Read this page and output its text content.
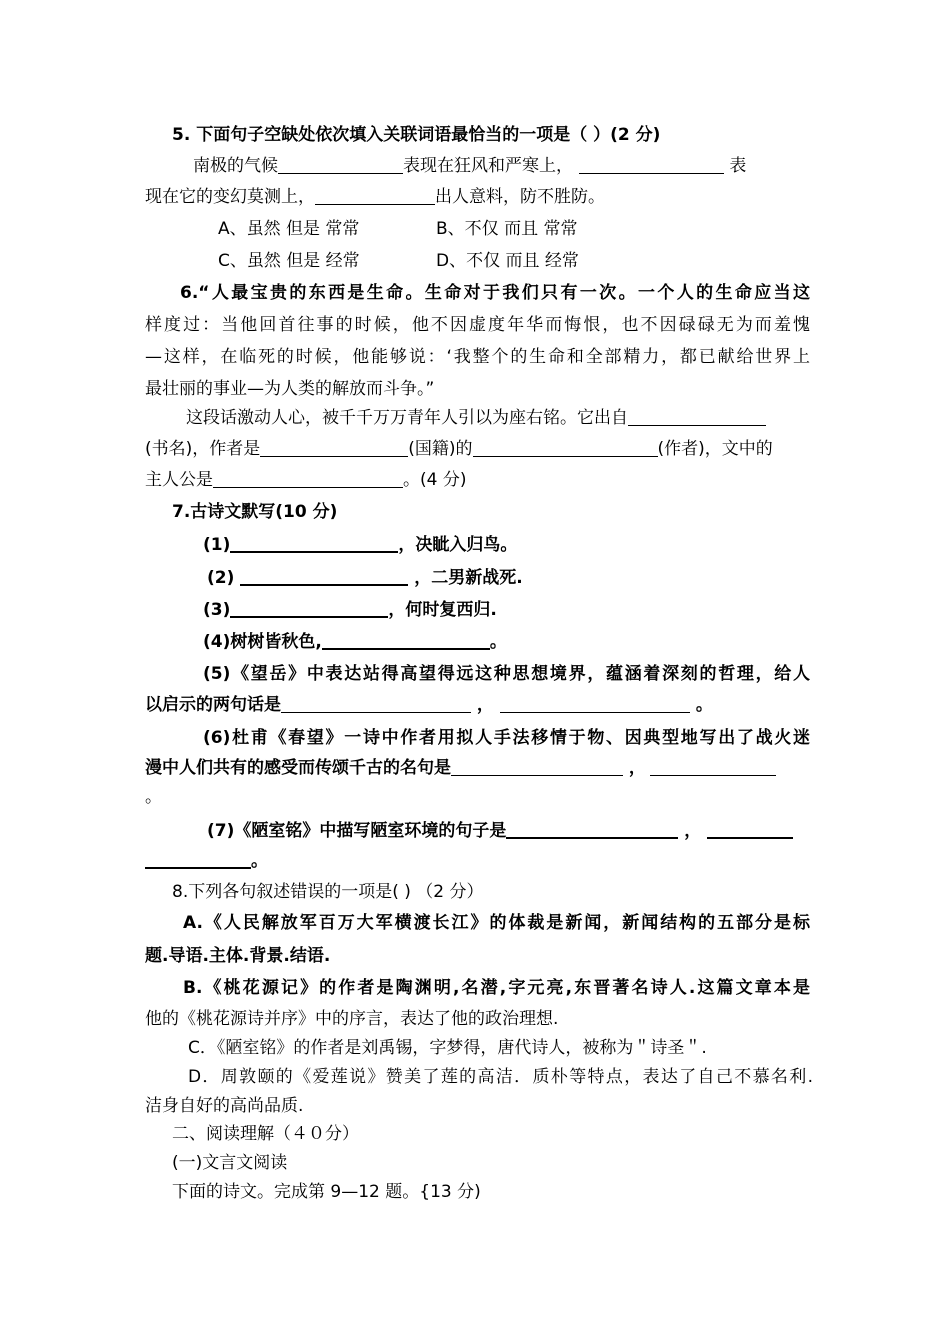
5. 下面句子空缺处依次填入关联词语最恰当的一项是（ ）(2 分)
南极的气候	表现在狂风和严寒上，	表
现在它的变幻莫测上，	出人意料，防不胜防。
A、虽然 但是 常常	B、不仅 而且 常常
C、虽然 但是 经常	D、不仅 而且 经常
6.“人最宝贵的东西是生命。生命对于我们只有一次。一个人的生命应当这
样度过：当他回首往事的时候，他不因虚度年华而悔恨，也不因碌碌无为而羞愧
—这样，在临死的时候，他能够说：‘我整个的生命和全部精力，都已献给世界上
最壮丽的事业—为人类的解放而斗争。”
这段话激动人心，被千千万万青年人引以为座右铭。它出自
(书名)，作者是	(国籍)的	(作者)，文中的
主人公是	。(4 分)
7.古诗文默写(10 分)
(1)	，决眦入归鸟。
(2)	，二男新战死.
(3)	，何时复西归.
(4)树树皆秋色,	。
(5)《望岳》中表达站得高望得远这种思想境界，蕴涵着深刻的哲理，给人
以启示的两句话是	，	。
(6)杜甫《春望》一诗中作者用拟人手法移情于物、因典型地写出了战火迷
漫中人们共有的感受而传颂千古的名句是	，
。
(7)《陋室铭》中描写陋室环境的句子是	，
。
8.下列各句叙述错误的一项是( ) （2 分）
A.《人民解放军百万大军横渡长江》的体裁是新闻，新闻结构的五部分是标
题.导语.主体.背景.结语.
B.《桃花源记》的作者是陶渊明,名潜,字元亮,东晋著名诗人.这篇文章本是
他的《桃花源诗并序》中的序言，表达了他的政治理想.
C．《陋室铭》的作者是刘禹锡，字梦得，唐代诗人，被称为＂诗圣＂.
D．周敦颐的《爱莲说》赞美了莲的高洁．质朴等特点，表达了自己不慕名利.
洁身自好的高尚品质.
二、阅读理解（４０分）
(一)文言文阅读
下面的诗文。完成第 9—12 题。{13 分)
